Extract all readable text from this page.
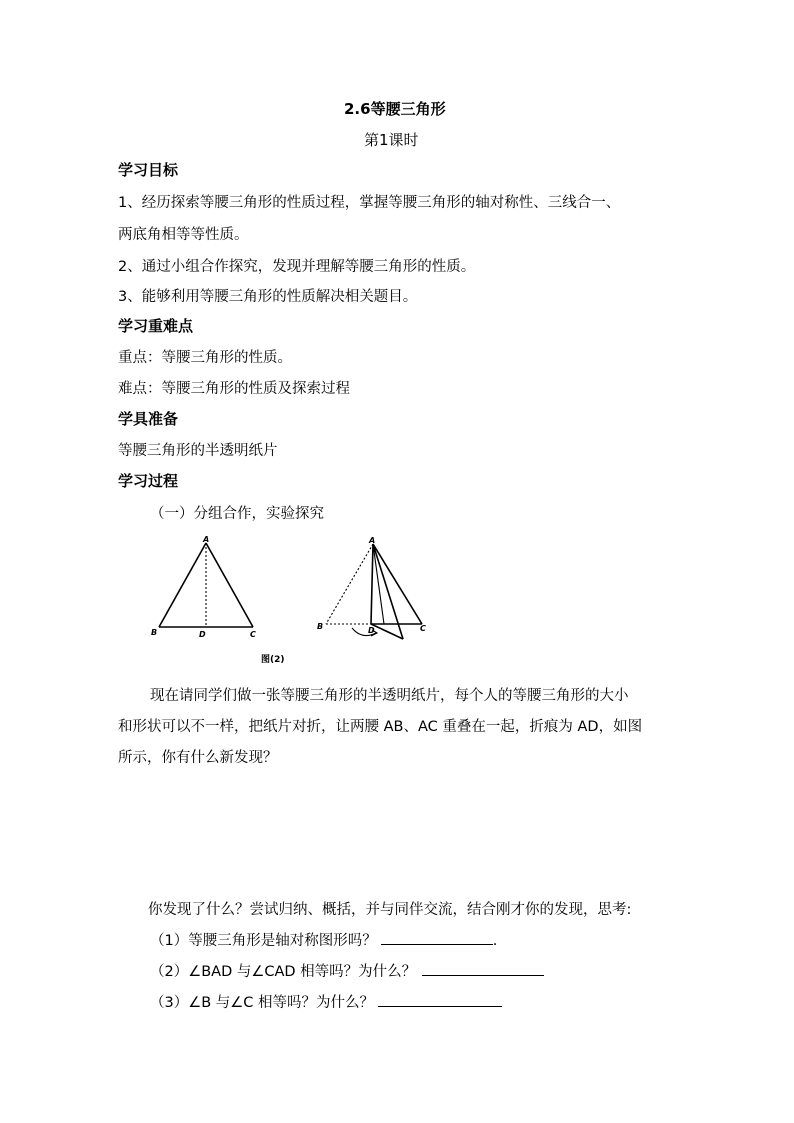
2.6等腰三角形
第1课时
学习目标
1、经历探索等腰三角形的性质过程，掌握等腰三角形的轴对称性、三线合一、
两底角相等等性质。
2、通过小组合作探究，发现并理解等腰三角形的性质。
3、能够利用等腰三角形的性质解决相关题目。
学习重难点
重点：等腰三角形的性质。
难点：等腰三角形的性质及探索过程
学具准备
等腰三角形的半透明纸片
学习过程
（一）分组合作，实验探究
A
B	D	C
A
B	D	C
图(2)
现在请同学们做一张等腰三角形的半透明纸片，每个人的等腰三角形的大小
和形状可以不一样，把纸片对折，让两腰 AB、AC 重叠在一起，折痕为 AD，如图
所示，你有什么新发现？
你发现了什么？尝试归纳、概括，并与同伴交流，结合刚才你的发现，思考:
（1）等腰三角形是轴对称图形吗？	.
（2）∠BAD 与∠CAD 相等吗？为什么？
（3）∠B 与∠C 相等吗？为什么？
